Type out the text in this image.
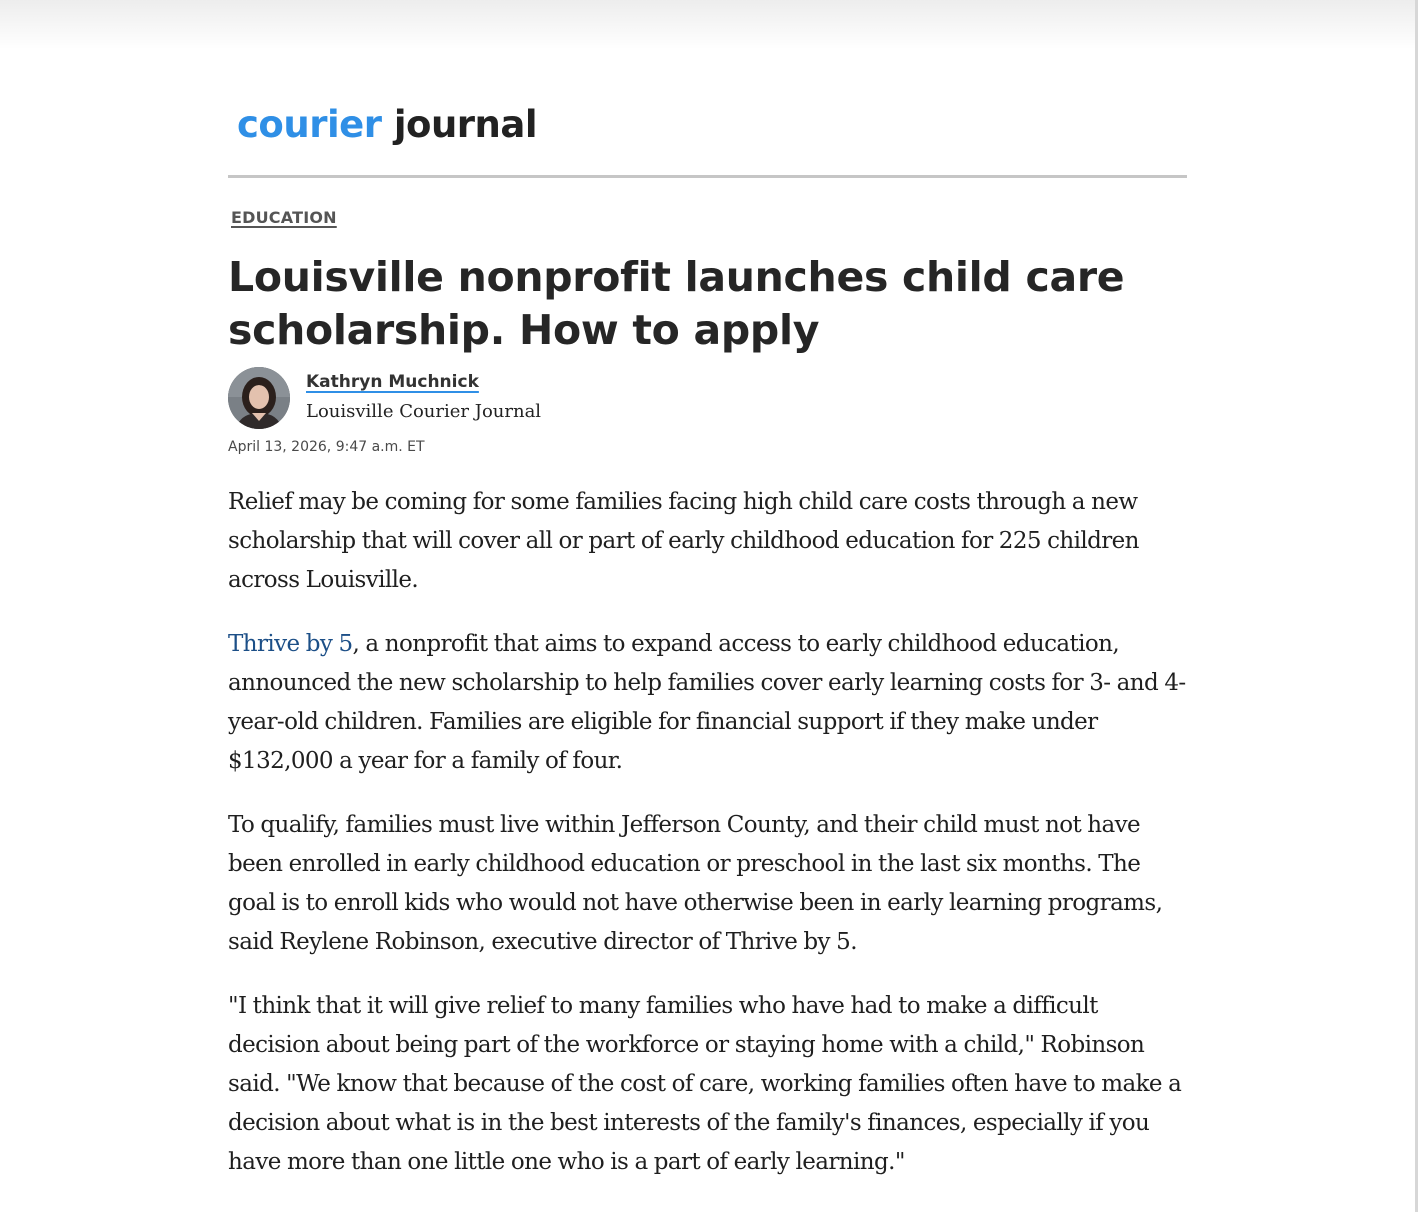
courier journal
EDUCATION
Louisville nonprofit launches child care scholarship. How to apply
Kathryn Muchnick
Louisville Courier Journal
April 13, 2026, 9:47 a.m. ET

Relief may be coming for some families facing high child care costs through a new scholarship that will cover all or part of early childhood education for 225 children across Louisville.

Thrive by 5, a nonprofit that aims to expand access to early childhood education, announced the new scholarship to help families cover early learning costs for 3- and 4-year-old children. Families are eligible for financial support if they make under $132,000 a year for a family of four.

To qualify, families must live within Jefferson County, and their child must not have been enrolled in early childhood education or preschool in the last six months. The goal is to enroll kids who would not have otherwise been in early learning programs, said Reylene Robinson, executive director of Thrive by 5.

"I think that it will give relief to many families who have had to make a difficult decision about being part of the workforce or staying home with a child," Robinson said. "We know that because of the cost of care, working families often have to make a decision about what is in the best interests of the family's finances, especially if you have more than one little one who is a part of early learning."
